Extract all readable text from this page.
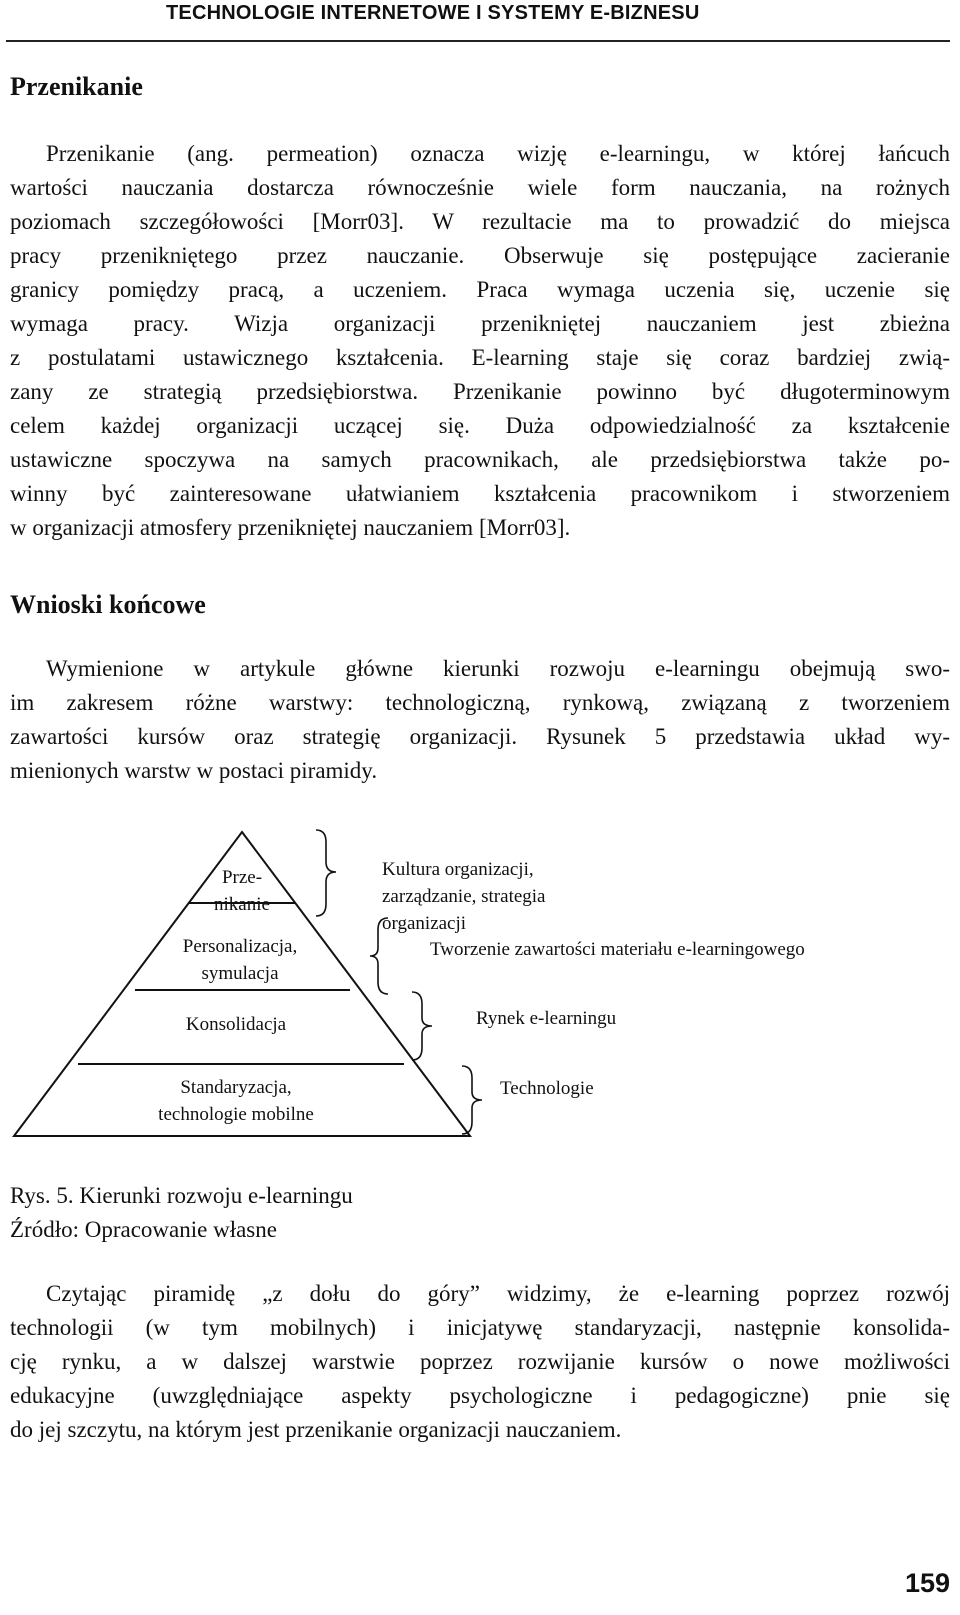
TECHNOLOGIE INTERNETOWE I SYSTEMY E-BIZNESU
Przenikanie
Przenikanie (ang. permeation) oznacza wizję e-learningu, w której łańcuch
wartości nauczania dostarcza równocześnie wiele form nauczania, na rożnych
poziomach szczegółowości [Morr03]. W rezultacie ma to prowadzić do miejsca
pracy przenikniętego przez nauczanie. Obserwuje się postępujące zacieranie
granicy pomiędzy pracą, a uczeniem. Praca wymaga uczenia się, uczenie się
wymaga pracy. Wizja organizacji przenikniętej nauczaniem jest zbieżna
z postulatami ustawicznego kształcenia. E-learning staje się coraz bardziej zwią-
zany ze strategią przedsiębiorstwa. Przenikanie powinno być długoterminowym
celem każdej organizacji uczącej się. Duża odpowiedzialność za kształcenie
ustawiczne spoczywa na samych pracownikach, ale przedsiębiorstwa także po-
winny być zainteresowane ułatwianiem kształcenia pracownikom i stworzeniem
w organizacji atmosfery przenikniętej nauczaniem [Morr03].
Wnioski końcowe
Wymienione w artykule główne kierunki rozwoju e-learningu obejmują swo-
im zakresem różne warstwy: technologiczną, rynkową, związaną z tworzeniem
zawartości kursów oraz strategię organizacji. Rysunek 5 przedstawia układ wy-
mienionych warstw w postaci piramidy.
Prze-
nikanie
Personalizacja,
symulacja
Konsolidacja
Standaryzacja,
technologie mobilne
Kultura organizacji,
zarządzanie, strategia
organizacji
Tworzenie zawartości materiału e-learningowego
Rynek e-learningu
Technologie

Rys. 5. Kierunki rozwoju e-learningu

Źródło: Opracowanie własne

Czytając piramidę „z dołu do góry” widzimy, że e-learning poprzez rozwój
technologii (w tym mobilnych) i inicjatywę standaryzacji, następnie konsolida-
cję rynku, a w dalszej warstwie poprzez rozwijanie kursów o nowe możliwości
edukacyjne (uwzględniające aspekty psychologiczne i pedagogiczne) pnie się
do jej szczytu, na którym jest przenikanie organizacji nauczaniem.
159
